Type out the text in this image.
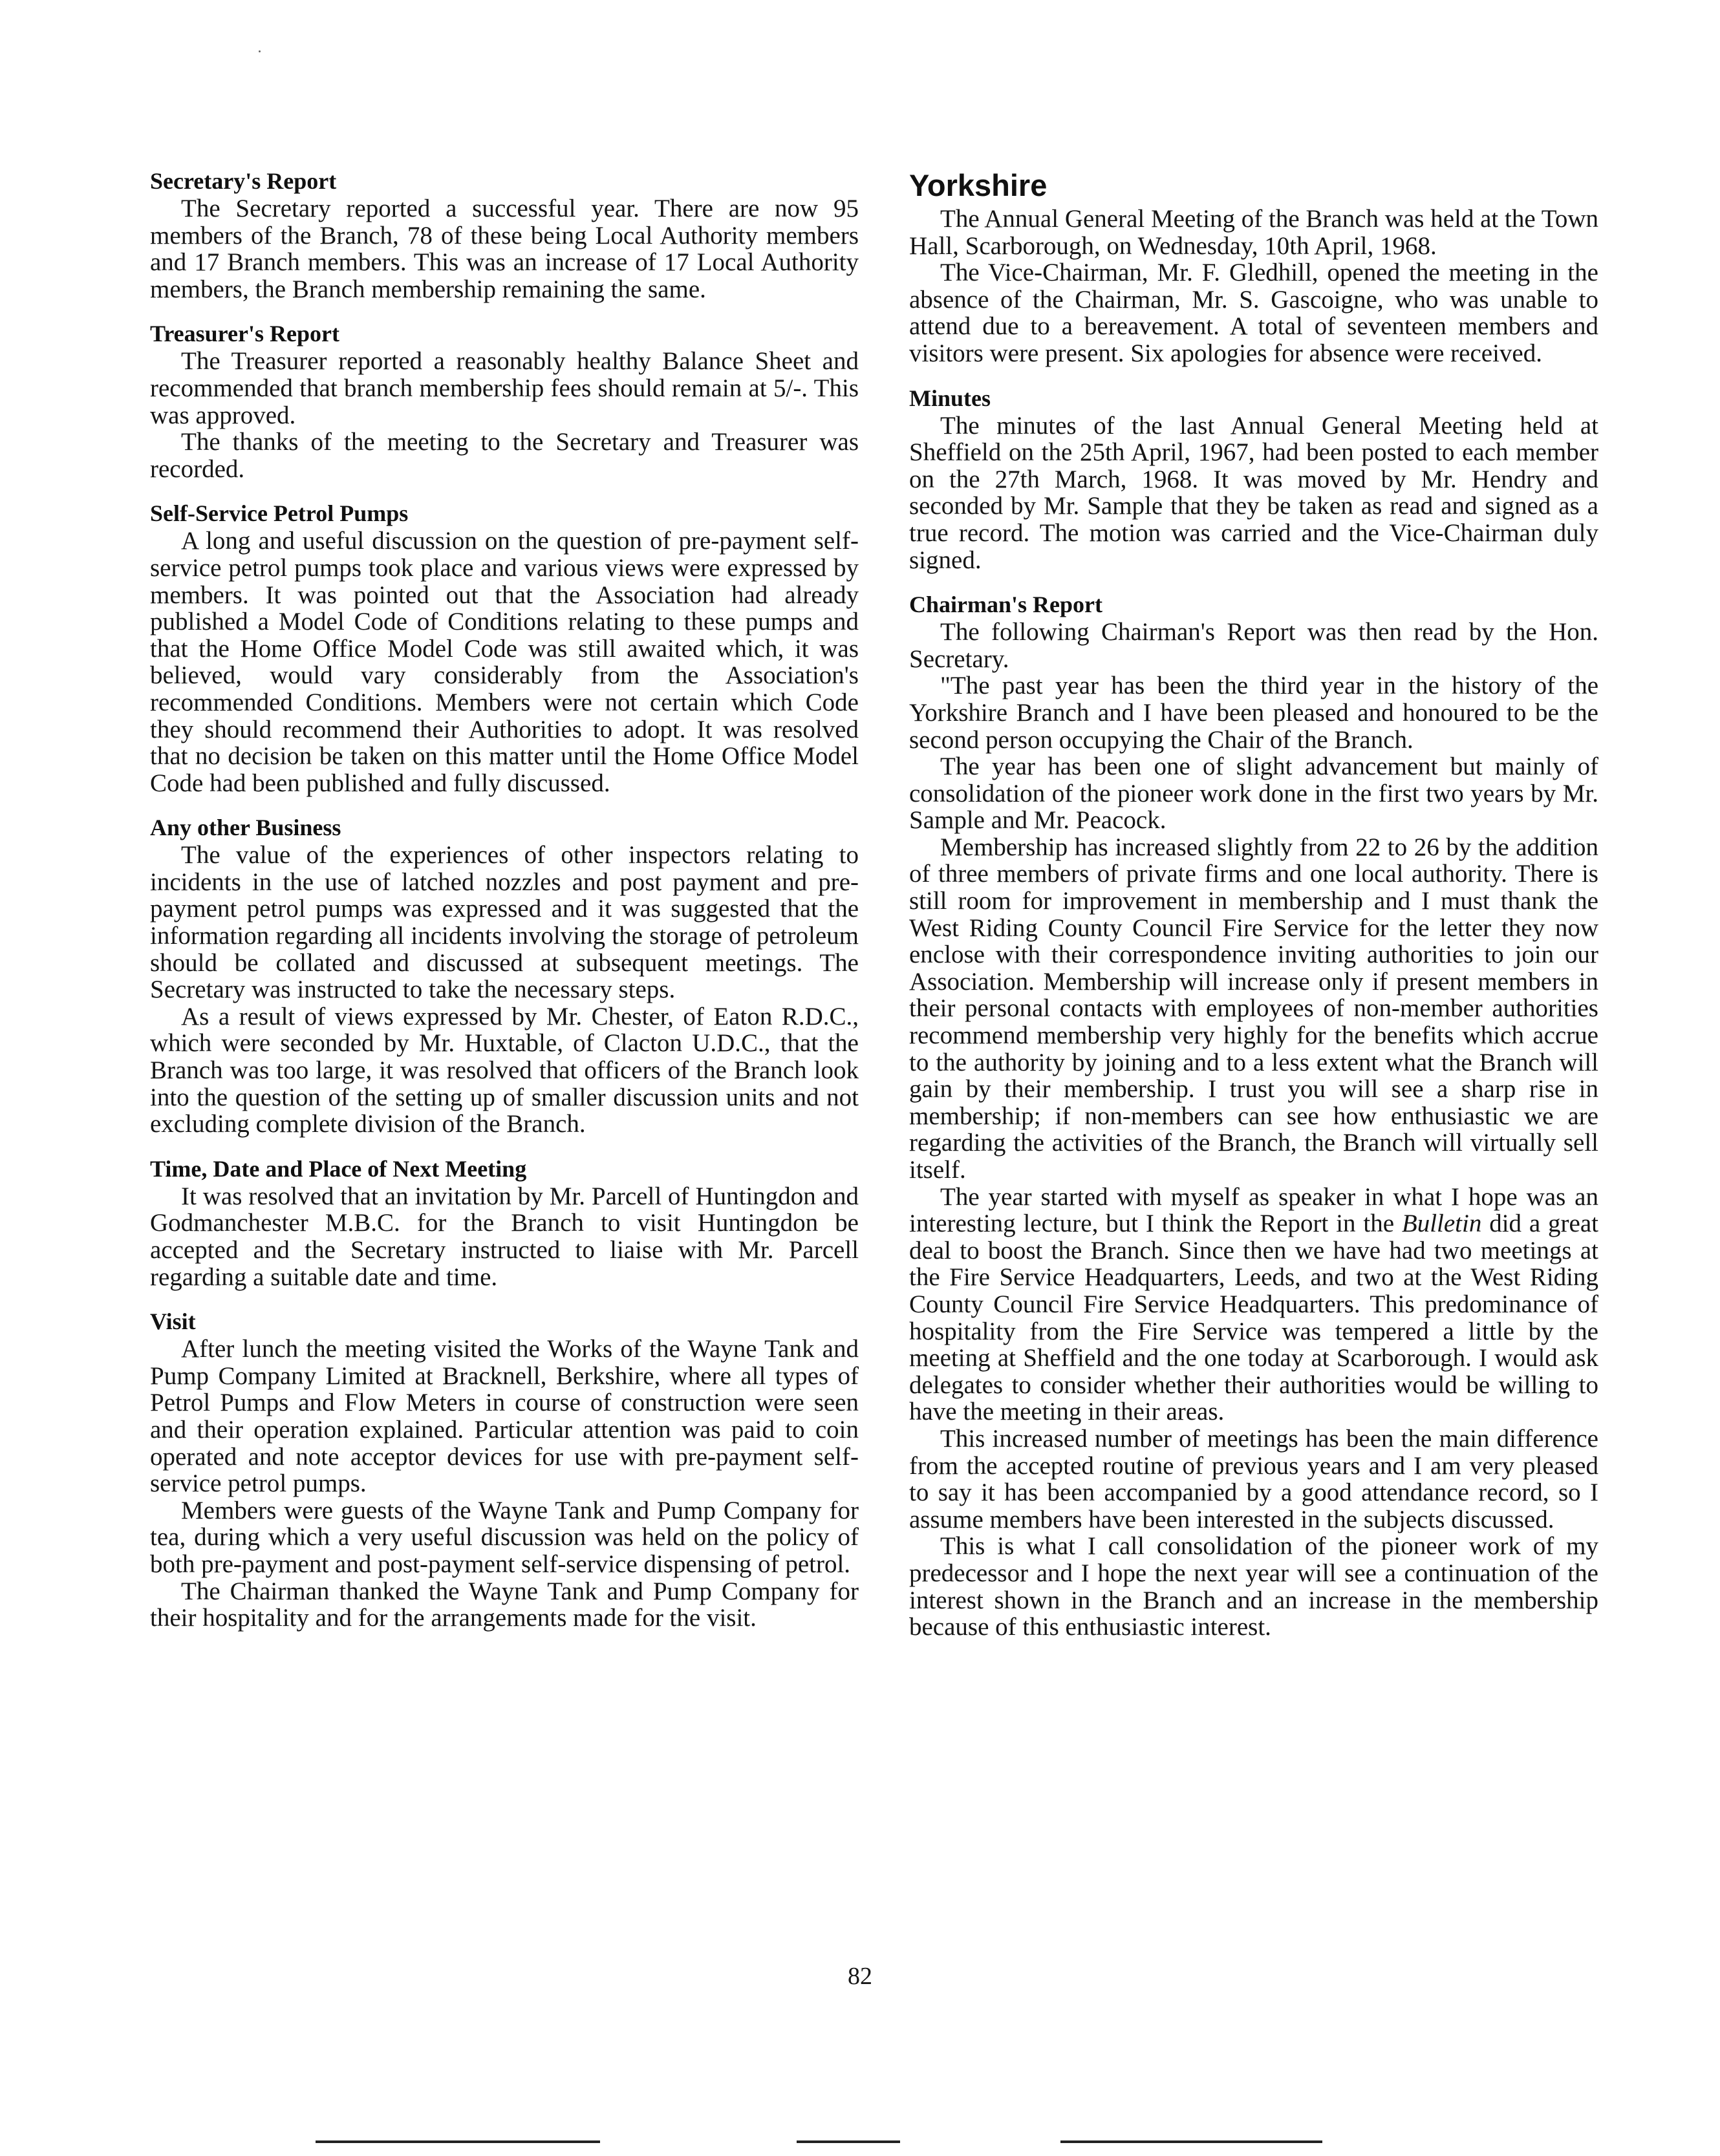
Secretary's Report

The Secretary reported a successful year. There are now 95 members of the Branch, 78 of these being Local Authority members and 17 Branch members. This was an increase of 17 Local Authority members, the Branch membership remaining the same.

Treasurer's Report

The Treasurer reported a reasonably healthy Balance Sheet and recommended that branch membership fees should remain at 5/-. This was approved.

The thanks of the meeting to the Secretary and Treasurer was recorded.

Self-Service Petrol Pumps

A long and useful discussion on the question of pre-payment self-service petrol pumps took place and various views were expressed by members. It was pointed out that the Association had already published a Model Code of Conditions relating to these pumps and that the Home Office Model Code was still awaited which, it was believed, would vary considerably from the Association's recommended Conditions. Members were not certain which Code they should recommend their Authorities to adopt. It was resolved that no decision be taken on this matter until the Home Office Model Code had been published and fully discussed.

Any other Business

The value of the experiences of other inspectors relating to incidents in the use of latched nozzles and post payment and pre-payment petrol pumps was expressed and it was suggested that the information regarding all incidents involving the storage of petroleum should be collated and discussed at subsequent meetings. The Secretary was instructed to take the necessary steps.

As a result of views expressed by Mr. Chester, of Eaton R.D.C., which were seconded by Mr. Huxtable, of Clacton U.D.C., that the Branch was too large, it was resolved that officers of the Branch look into the question of the setting up of smaller discussion units and not excluding complete division of the Branch.

Time, Date and Place of Next Meeting

It was resolved that an invitation by Mr. Parcell of Huntingdon and Godmanchester M.B.C. for the Branch to visit Huntingdon be accepted and the Secretary instructed to liaise with Mr. Parcell regarding a suitable date and time.

Visit

After lunch the meeting visited the Works of the Wayne Tank and Pump Company Limited at Bracknell, Berkshire, where all types of Petrol Pumps and Flow Meters in course of construction were seen and their operation explained. Particular attention was paid to coin operated and note acceptor devices for use with pre-payment self-service petrol pumps.

Members were guests of the Wayne Tank and Pump Company for tea, during which a very useful discussion was held on the policy of both pre-payment and post-payment self-service dispensing of petrol.

The Chairman thanked the Wayne Tank and Pump Company for their hospitality and for the arrangements made for the visit.

Yorkshire

The Annual General Meeting of the Branch was held at the Town Hall, Scarborough, on Wednesday, 10th April, 1968.

The Vice-Chairman, Mr. F. Gledhill, opened the meeting in the absence of the Chairman, Mr. S. Gascoigne, who was unable to attend due to a bereavement. A total of seventeen members and visitors were present. Six apologies for absence were received.

Minutes

The minutes of the last Annual General Meeting held at Sheffield on the 25th April, 1967, had been posted to each member on the 27th March, 1968. It was moved by Mr. Hendry and seconded by Mr. Sample that they be taken as read and signed as a true record. The motion was carried and the Vice-Chairman duly signed.

Chairman's Report

The following Chairman's Report was then read by the Hon. Secretary.

"The past year has been the third year in the history of the Yorkshire Branch and I have been pleased and honoured to be the second person occupying the Chair of the Branch.

The year has been one of slight advancement but mainly of consolidation of the pioneer work done in the first two years by Mr. Sample and Mr. Peacock.

Membership has increased slightly from 22 to 26 by the addition of three members of private firms and one local authority. There is still room for improvement in membership and I must thank the West Riding County Council Fire Service for the letter they now enclose with their correspondence inviting authorities to join our Association. Membership will increase only if present members in their personal contacts with employees of non-member authorities recommend membership very highly for the benefits which accrue to the authority by joining and to a less extent what the Branch will gain by their membership. I trust you will see a sharp rise in membership; if non-members can see how enthusiastic we are regarding the activities of the Branch, the Branch will virtually sell itself.

The year started with myself as speaker in what I hope was an interesting lecture, but I think the Report in the Bulletin did a great deal to boost the Branch. Since then we have had two meetings at the Fire Service Headquarters, Leeds, and two at the West Riding County Council Fire Service Headquarters. This predominance of hospitality from the Fire Service was tempered a little by the meeting at Sheffield and the one today at Scarborough. I would ask delegates to consider whether their authorities would be willing to have the meeting in their areas.

This increased number of meetings has been the main difference from the accepted routine of previous years and I am very pleased to say it has been accompanied by a good attendance record, so I assume members have been interested in the subjects discussed.

This is what I call consolidation of the pioneer work of my predecessor and I hope the next year will see a continuation of the interest shown in the Branch and an increase in the membership because of this enthusiastic interest.

82
